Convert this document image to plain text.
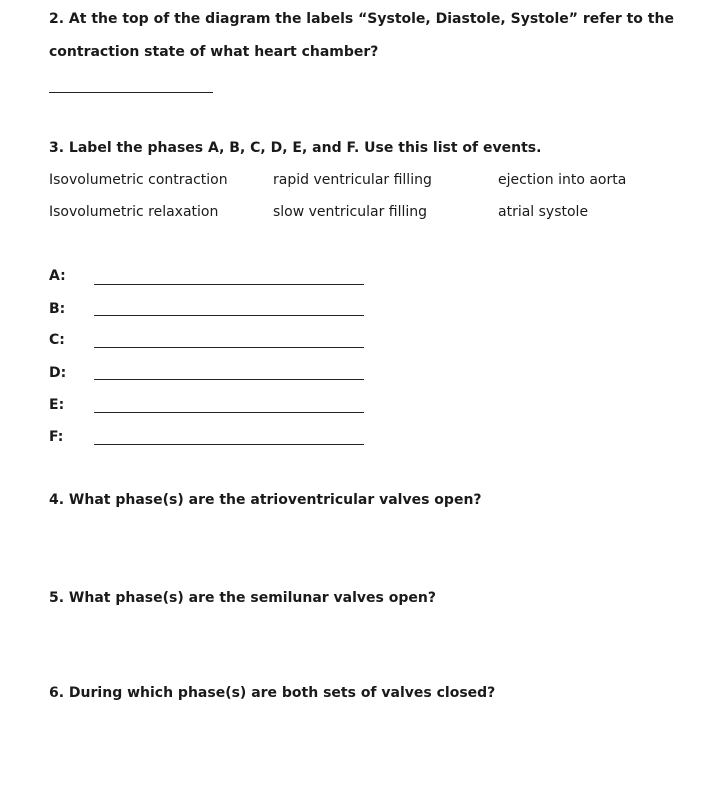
2. At the top of the diagram the labels “Systole, Diastole, Systole” refer to the
contraction state of what heart chamber?
3. Label the phases A, B, C, D, E, and F. Use this list of events.
Isovolumetric contraction	rapid ventricular filling	ejection into aorta
Isovolumetric relaxation	slow ventricular filling	atrial systole
A:
B:
C:
D:
E:
F:
4. What phase(s) are the atrioventricular valves open?
5. What phase(s) are the semilunar valves open?
6. During which phase(s) are both sets of valves closed?
